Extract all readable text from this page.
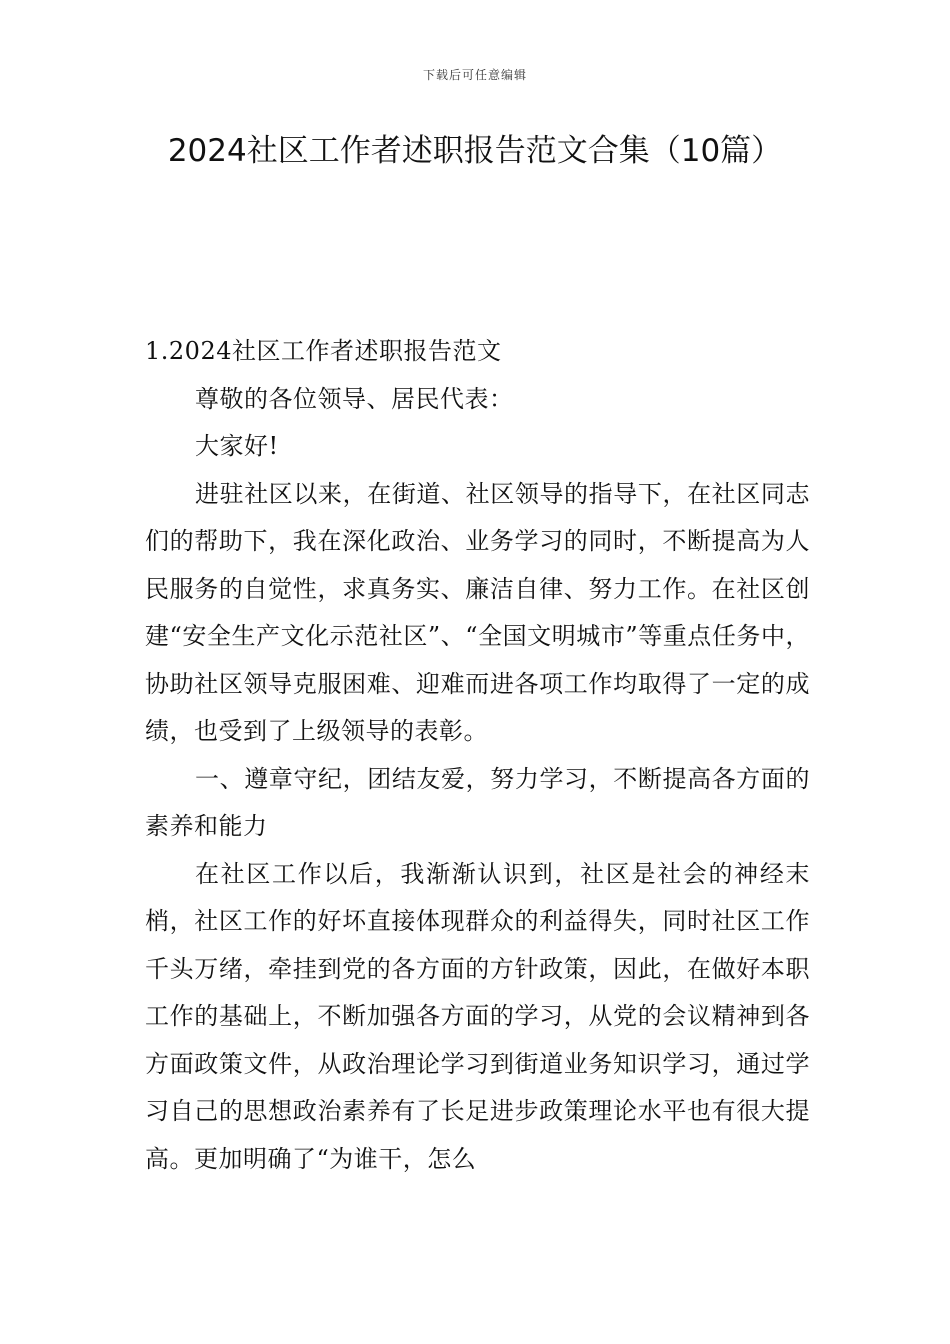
下载后可任意编辑
2024社区工作者述职报告范文合集（10篇）

1.2024社区工作者述职报告范文

尊敬的各位领导、居民代表：

大家好!

进驻社区以来，在街道、社区领导的指导下，在社区同志们的帮助下，我在深化政治、业务学习的同时，不断提高为人民服务的自觉性，求真务实、廉洁自律、努力工作。在社区创建“安全生产文化示范社区”、“全国文明城市”等重点任务中，协助社区领导克服困难、迎难而进各项工作均取得了一定的成绩，也受到了上级领导的表彰。

一、遵章守纪，团结友爱，努力学习，不断提高各方面的素养和能力

在社区工作以后，我渐渐认识到，社区是社会的神经末梢，社区工作的好坏直接体现群众的利益得失，同时社区工作千头万绪，牵挂到党的各方面的方针政策，因此，在做好本职工作的基础上，不断加强各方面的学习，从党的会议精神到各方面政策文件，从政治理论学习到街道业务知识学习，通过学习自己的思想政治素养有了长足进步政策理论水平也有很大提高。更加明确了“为谁干，怎么
